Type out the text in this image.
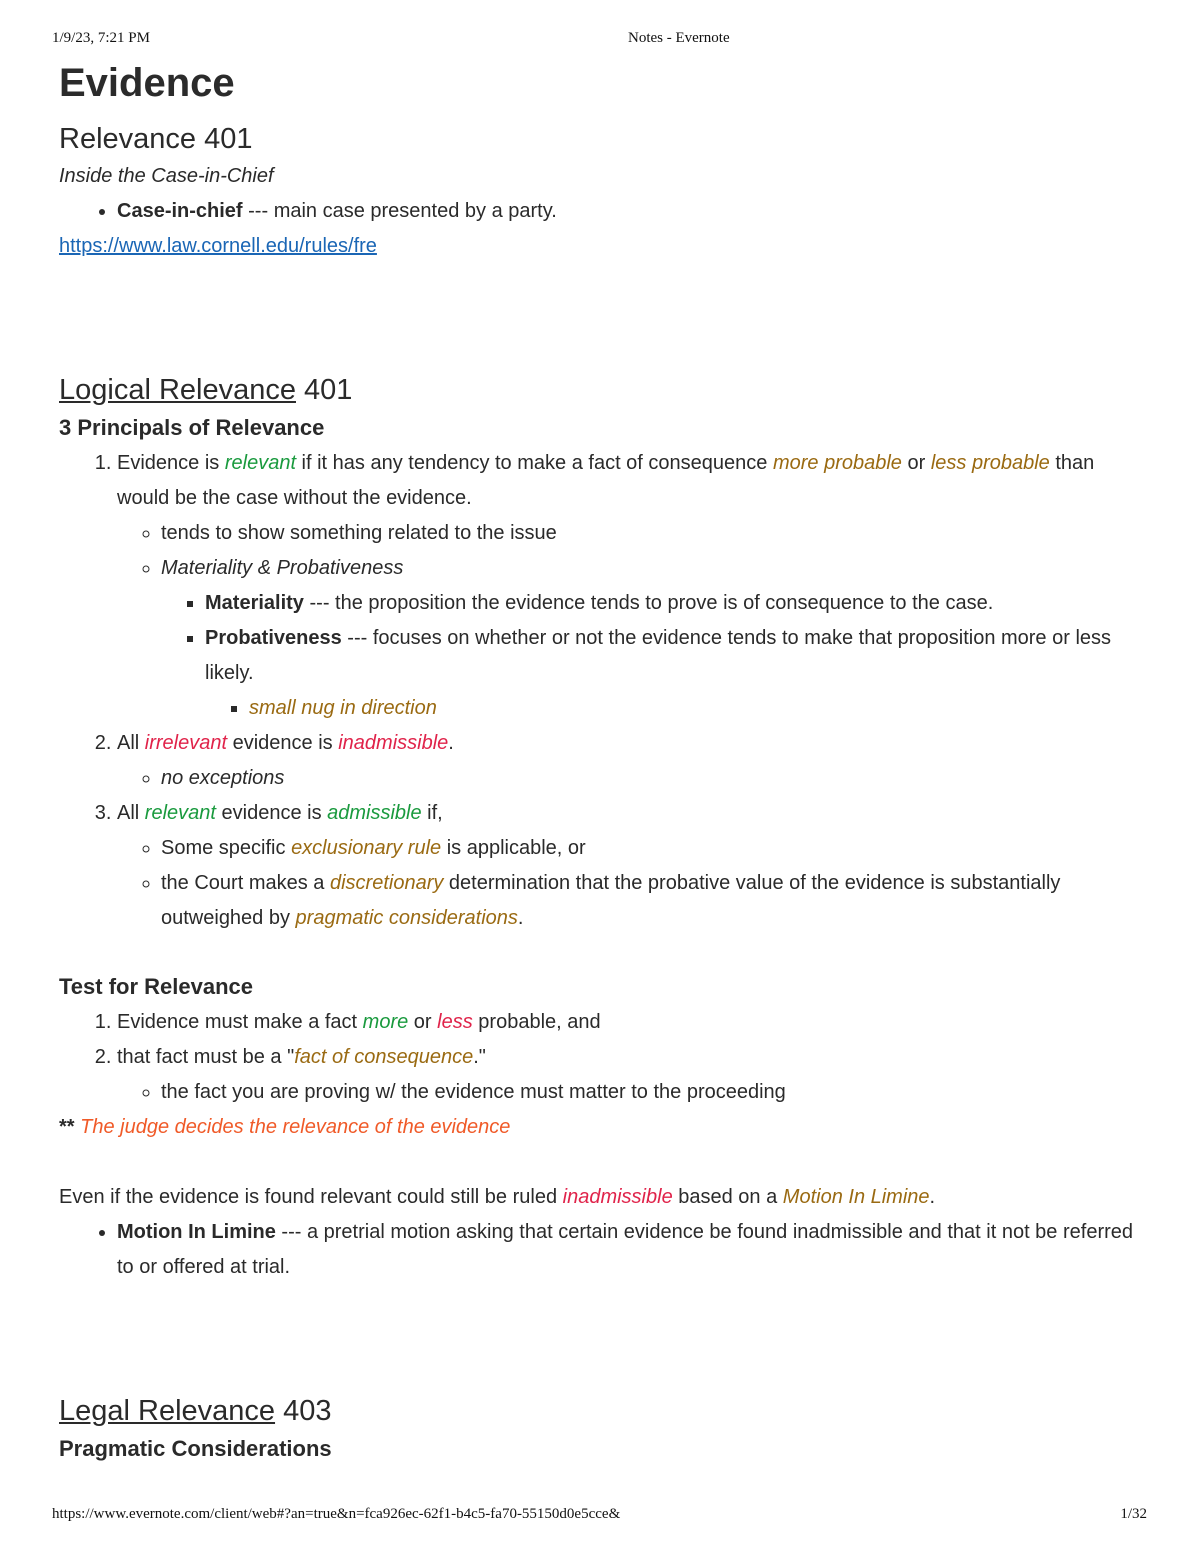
1/9/23, 7:21 PM	Notes - Evernote
Evidence
Relevance 401

Inside the Case-in-Chief

• Case-in-chief --- main case presented by a party.

https://www.law.cornell.edu/rules/fre

Logical Relevance 401
3 Principals of Relevance
1. Evidence is relevant if it has any tendency to make a fact of consequence more probable or less probable than would be the case without the evidence.
◦ tends to show something related to the issue
◦ Materiality & Probativeness
▪ Materiality --- the proposition the evidence tends to prove is of consequence to the case.
▪ Probativeness --- focuses on whether or not the evidence tends to make that proposition more or less likely.
▪ small nug in direction
2. All irrelevant evidence is inadmissible.
◦ no exceptions
3. All relevant evidence is admissible if,
◦ Some specific exclusionary rule is applicable, or
◦ the Court makes a discretionary determination that the probative value of the evidence is substantially outweighed by pragmatic considerations.
Test for Relevance
1. Evidence must make a fact more or less probable, and
2. that fact must be a "fact of consequence."
◦ the fact you are proving w/ the evidence must matter to the proceeding

** The judge decides the relevance of the evidence

Even if the evidence is found relevant could still be ruled inadmissible based on a Motion In Limine.

• Motion In Limine --- a pretrial motion asking that certain evidence be found inadmissible and that it not be referred to or offered at trial.
Legal Relevance 403
Pragmatic Considerations
https://www.evernote.com/client/web#?an=true&n=fca926ec-62f1-b4c5-fa70-55150d0e5cce&	1/32
